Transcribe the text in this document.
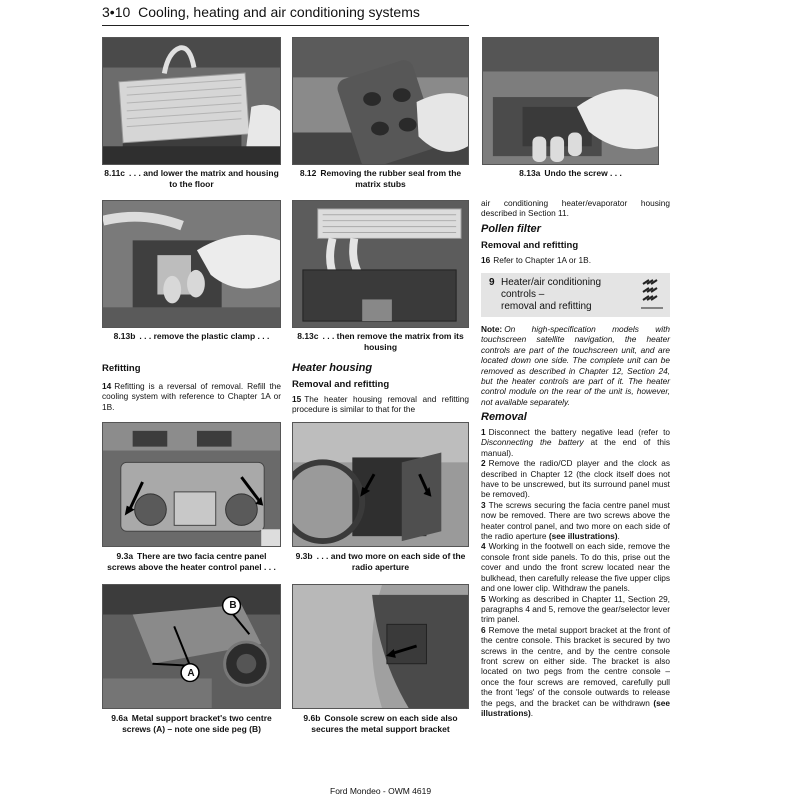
3•10 Cooling, heating and air conditioning systems
8.11c . . . and lower the matrix and housing to the floor
8.12 Removing the rubber seal from the matrix stubs
8.13a Undo the screw . . .
8.13b . . . remove the plastic clamp . . .	8.13c . . . then remove the matrix from its housing
Refitting

14 Refitting is a reversal of removal. Refill the cooling system with reference to Chapter 1A or 1B.

Heater housing
Removal and refitting

15 The heater housing removal and refitting procedure is similar to that for the

9.3a There are two facia centre panel screws above the heater control panel . . .
9.3b . . . and two more on each side of the radio aperture
A
B
9.6a Metal support bracket's two centre screws (A) – note one side peg (B)
9.6b Console screw on each side also secures the metal support bracket
air conditioning heater/evaporator housing described in Section 11.
Pollen filter
Removal and refitting

16 Refer to Chapter 1A or 1B.

9 Heater/air conditioning controls –
removal and refitting
Note: On high-specification models with touchscreen satellite navigation, the heater controls are part of the touchscreen unit, and are located down one side. The complete unit can be removed as described in Chapter 12, Section 24, but the heater controls are part of it. The heater control module on the rear of the unit is, however, not available separately.
Removal

1 Disconnect the battery negative lead (refer to Disconnecting the battery at the end of this manual).

2 Remove the radio/CD player and the clock as described in Chapter 12 (the clock itself does not have to be unscrewed, but its surround panel must be removed).

3 The screws securing the facia centre panel must now be removed. There are two screws above the heater control panel, and two more on each side of the radio aperture (see illustrations).

4 Working in the footwell on each side, remove the console front side panels. To do this, prise out the cover and undo the front screw located near the bulkhead, then carefully release the five upper clips and one lower clip. Withdraw the panels.

5 Working as described in Chapter 11, Section 29, paragraphs 4 and 5, remove the gear/selector lever trim panel.

6 Remove the metal support bracket at the front of the centre console. This bracket is secured by two screws in the centre, and by the centre console front screw on either side. The bracket is also located on two pegs from the centre console – once the four screws are removed, carefully pull the front 'legs' of the console outwards to release the pegs, and the bracket can be withdrawn (see illustrations).

Ford Mondeo - OWM 4619
